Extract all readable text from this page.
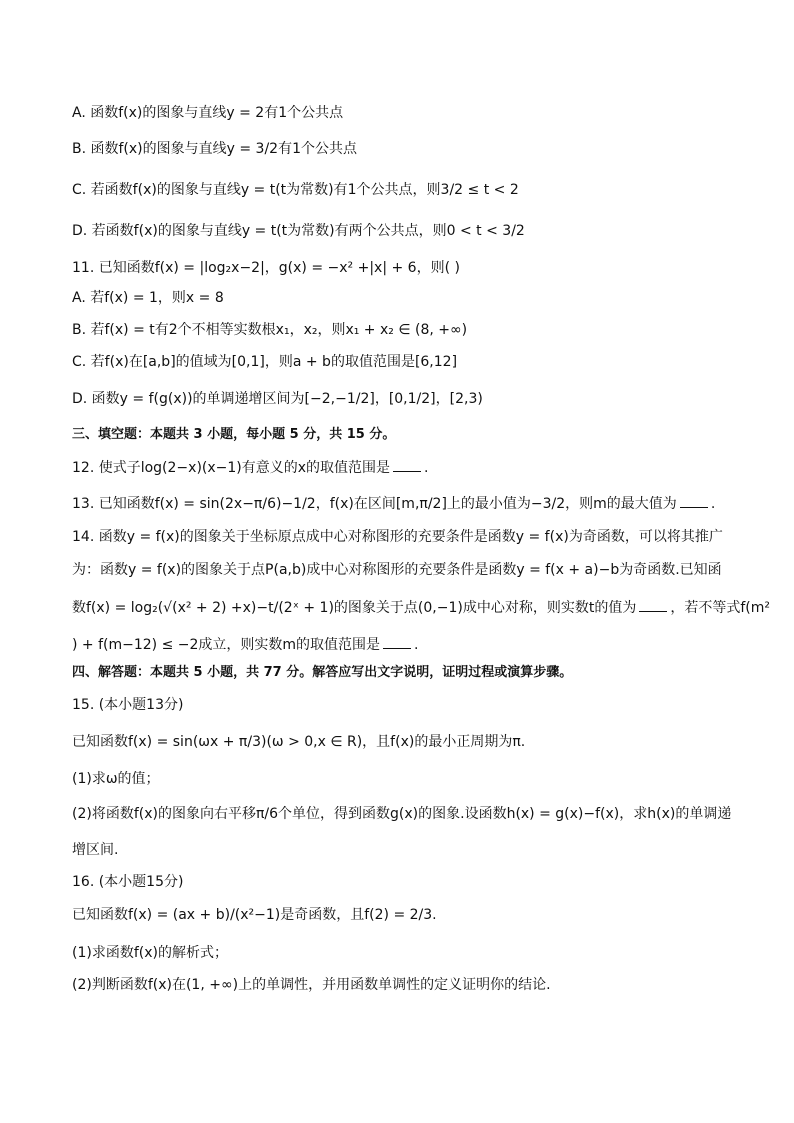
A. 函数f(x)的图象与直线y = 2有1个公共点
B. 函数f(x)的图象与直线y = 3/2有1个公共点
C. 若函数f(x)的图象与直线y = t(t为常数)有1个公共点，则3/2 ≤ t < 2
D. 若函数f(x)的图象与直线y = t(t为常数)有两个公共点，则0 < t < 3/2
11. 已知函数f(x) = |log₂x−2|，g(x) = −x² +|x| + 6，则( )
A. 若f(x) = 1，则x = 8
B. 若f(x) = t有2个不相等实数根x₁，x₂，则x₁ + x₂ ∈ (8, +∞)
C. 若f(x)在[a,b]的值域为[0,1]，则a + b的取值范围是[6,12]
D. 函数y = f(g(x))的单调递增区间为[−2,−1/2]，[0,1/2]，[2,3)
三、填空题：本题共 3 小题，每小题 5 分，共 15 分。
12. 使式子log(2−x)(x−1)有意义的x的取值范围是 .
13. 已知函数f(x) = sin(2x−π/6)−1/2，f(x)在区间[m,π/2]上的最小值为−3/2，则m的最大值为 .
14. 函数y = f(x)的图象关于坐标原点成中心对称图形的充要条件是函数y = f(x)为奇函数，可以将其推广
为：函数y = f(x)的图象关于点P(a,b)成中心对称图形的充要条件是函数y = f(x + a)−b为奇函数.已知函
数f(x) = log₂(√(x² + 2) +x)−t/(2ˣ + 1)的图象关于点(0,−1)成中心对称，则实数t的值为 ，若不等式f(m²
) + f(m−12) ≤ −2成立，则实数m的取值范围是 .
四、解答题：本题共 5 小题，共 77 分。解答应写出文字说明，证明过程或演算步骤。
15. (本小题13分)
已知函数f(x) = sin(ωx + π/3)(ω > 0,x ∈ R)，且f(x)的最小正周期为π.
(1)求ω的值；
(2)将函数f(x)的图象向右平移π/6个单位，得到函数g(x)的图象.设函数h(x) = g(x)−f(x)，求h(x)的单调递
增区间.
16. (本小题15分)
已知函数f(x) = (ax + b)/(x²−1)是奇函数，且f(2) = 2/3.
(1)求函数f(x)的解析式；
(2)判断函数f(x)在(1, +∞)上的单调性，并用函数单调性的定义证明你的结论.
